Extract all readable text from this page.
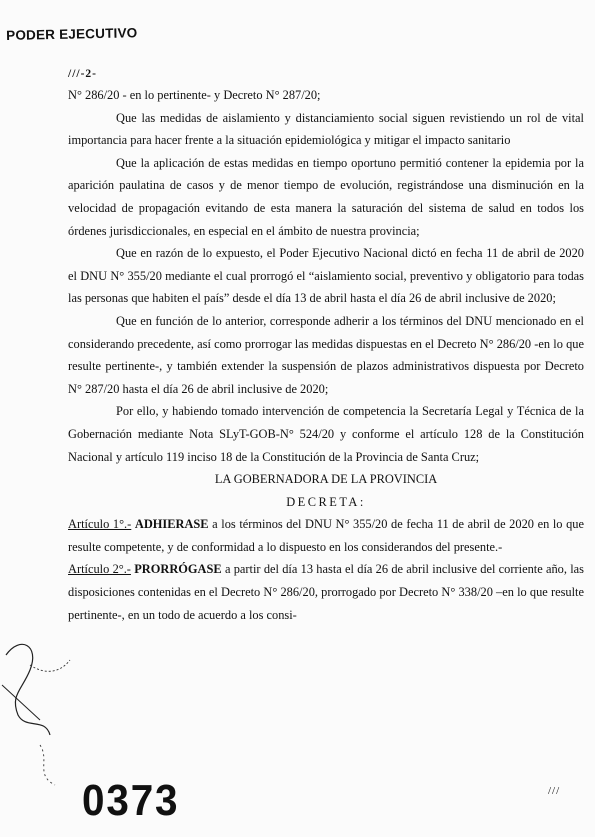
PODER EJECUTIVO
///-2-

N° 286/20 - en lo pertinente- y Decreto N° 287/20;

Que las medidas de aislamiento y distanciamiento social siguen revistiendo un rol de vital importancia para hacer frente a la situación epidemiológica y mitigar el impacto sanitario

Que la aplicación de estas medidas en tiempo oportuno permitió contener la epidemia por la aparición paulatina de casos y de menor tiempo de evolución, registrándose una disminución en la velocidad de propagación evitando de esta manera la saturación del sistema de salud en todos los órdenes jurisdiccionales, en especial en el ámbito de nuestra provincia;

Que en razón de lo expuesto, el Poder Ejecutivo Nacional dictó en fecha 11 de abril de 2020 el DNU N° 355/20 mediante el cual prorrogó el “aislamiento social, preventivo y obligatorio para todas las personas que habiten el país” desde el día 13 de abril hasta el día 26 de abril inclusive de 2020;

Que en función de lo anterior, corresponde adherir a los términos del DNU mencionado en el considerando precedente, así como prorrogar las medidas dispuestas en el Decreto N° 286/20 -en lo que resulte pertinente-, y también extender la suspensión de plazos administrativos dispuesta por Decreto N° 287/20 hasta el día 26 de abril inclusive de 2020;

Por ello, y habiendo tomado intervención de competencia la Secretaría Legal y Técnica de la Gobernación mediante Nota SLyT-GOB-N° 524/20 y conforme el artículo 128 de la Constitución Nacional y artículo 119 inciso 18 de la Constitución de la Provincia de Santa Cruz;

LA GOBERNADORA DE LA PROVINCIA

DECRETA:

Artículo 1°.- ADHIERASE a los términos del DNU N° 355/20 de fecha 11 de abril de 2020 en lo que resulte competente, y de conformidad a lo dispuesto en los considerandos del presente.-

Artículo 2°.- PRORRÓGASE a partir del día 13 hasta el día 26 de abril inclusive del corriente año, las disposiciones contenidas en el Decreto N° 286/20, prorrogado por Decreto N° 338/20 –en lo que resulte pertinente-, en un todo de acuerdo a los consi-

0373	///
